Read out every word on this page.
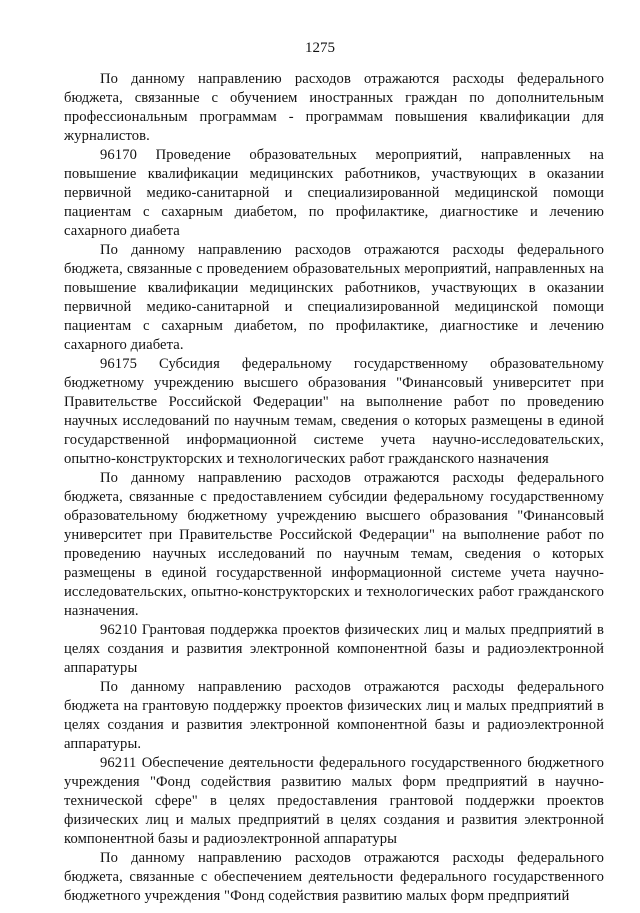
1275

По данному направлению расходов отражаются расходы федерального бюджета, связанные с обучением иностранных граждан по дополнительным профессиональным программам - программам повышения квалификации для журналистов.

96170 Проведение образовательных мероприятий, направленных на повышение квалификации медицинских работников, участвующих в оказании первичной медико-санитарной и специализированной медицинской помощи пациентам с сахарным диабетом, по профилактике, диагностике и лечению сахарного диабета

По данному направлению расходов отражаются расходы федерального бюджета, связанные с проведением образовательных мероприятий, направленных на повышение квалификации медицинских работников, участвующих в оказании первичной медико-санитарной и специализированной медицинской помощи пациентам с сахарным диабетом, по профилактике, диагностике и лечению сахарного диабета.

96175 Субсидия федеральному государственному образовательному бюджетному учреждению высшего образования "Финансовый университет при Правительстве Российской Федерации" на выполнение работ по проведению научных исследований по научным темам, сведения о которых размещены в единой государственной информационной системе учета научно-исследовательских, опытно-конструкторских и технологических работ гражданского назначения

По данному направлению расходов отражаются расходы федерального бюджета, связанные с предоставлением субсидии федеральному государственному образовательному бюджетному учреждению высшего образования "Финансовый университет при Правительстве Российской Федерации" на выполнение работ по проведению научных исследований по научным темам, сведения о которых размещены в единой государственной информационной системе учета научно-исследовательских, опытно-конструкторских и технологических работ гражданского назначения.

96210 Грантовая поддержка проектов физических лиц и малых предприятий в целях создания и развития электронной компонентной базы и радиоэлектронной аппаратуры

По данному направлению расходов отражаются расходы федерального бюджета на грантовую поддержку проектов физических лиц и малых предприятий в целях создания и развития электронной компонентной базы и радиоэлектронной аппаратуры.

96211 Обеспечение деятельности федерального государственного бюджетного учреждения "Фонд содействия развитию малых форм предприятий в научно-технической сфере" в целях предоставления грантовой поддержки проектов физических лиц и малых предприятий в целях создания и развития электронной компонентной базы и радиоэлектронной аппаратуры

По данному направлению расходов отражаются расходы федерального бюджета, связанные с обеспечением деятельности федерального государственного бюджетного учреждения "Фонд содействия развитию малых форм предприятий
